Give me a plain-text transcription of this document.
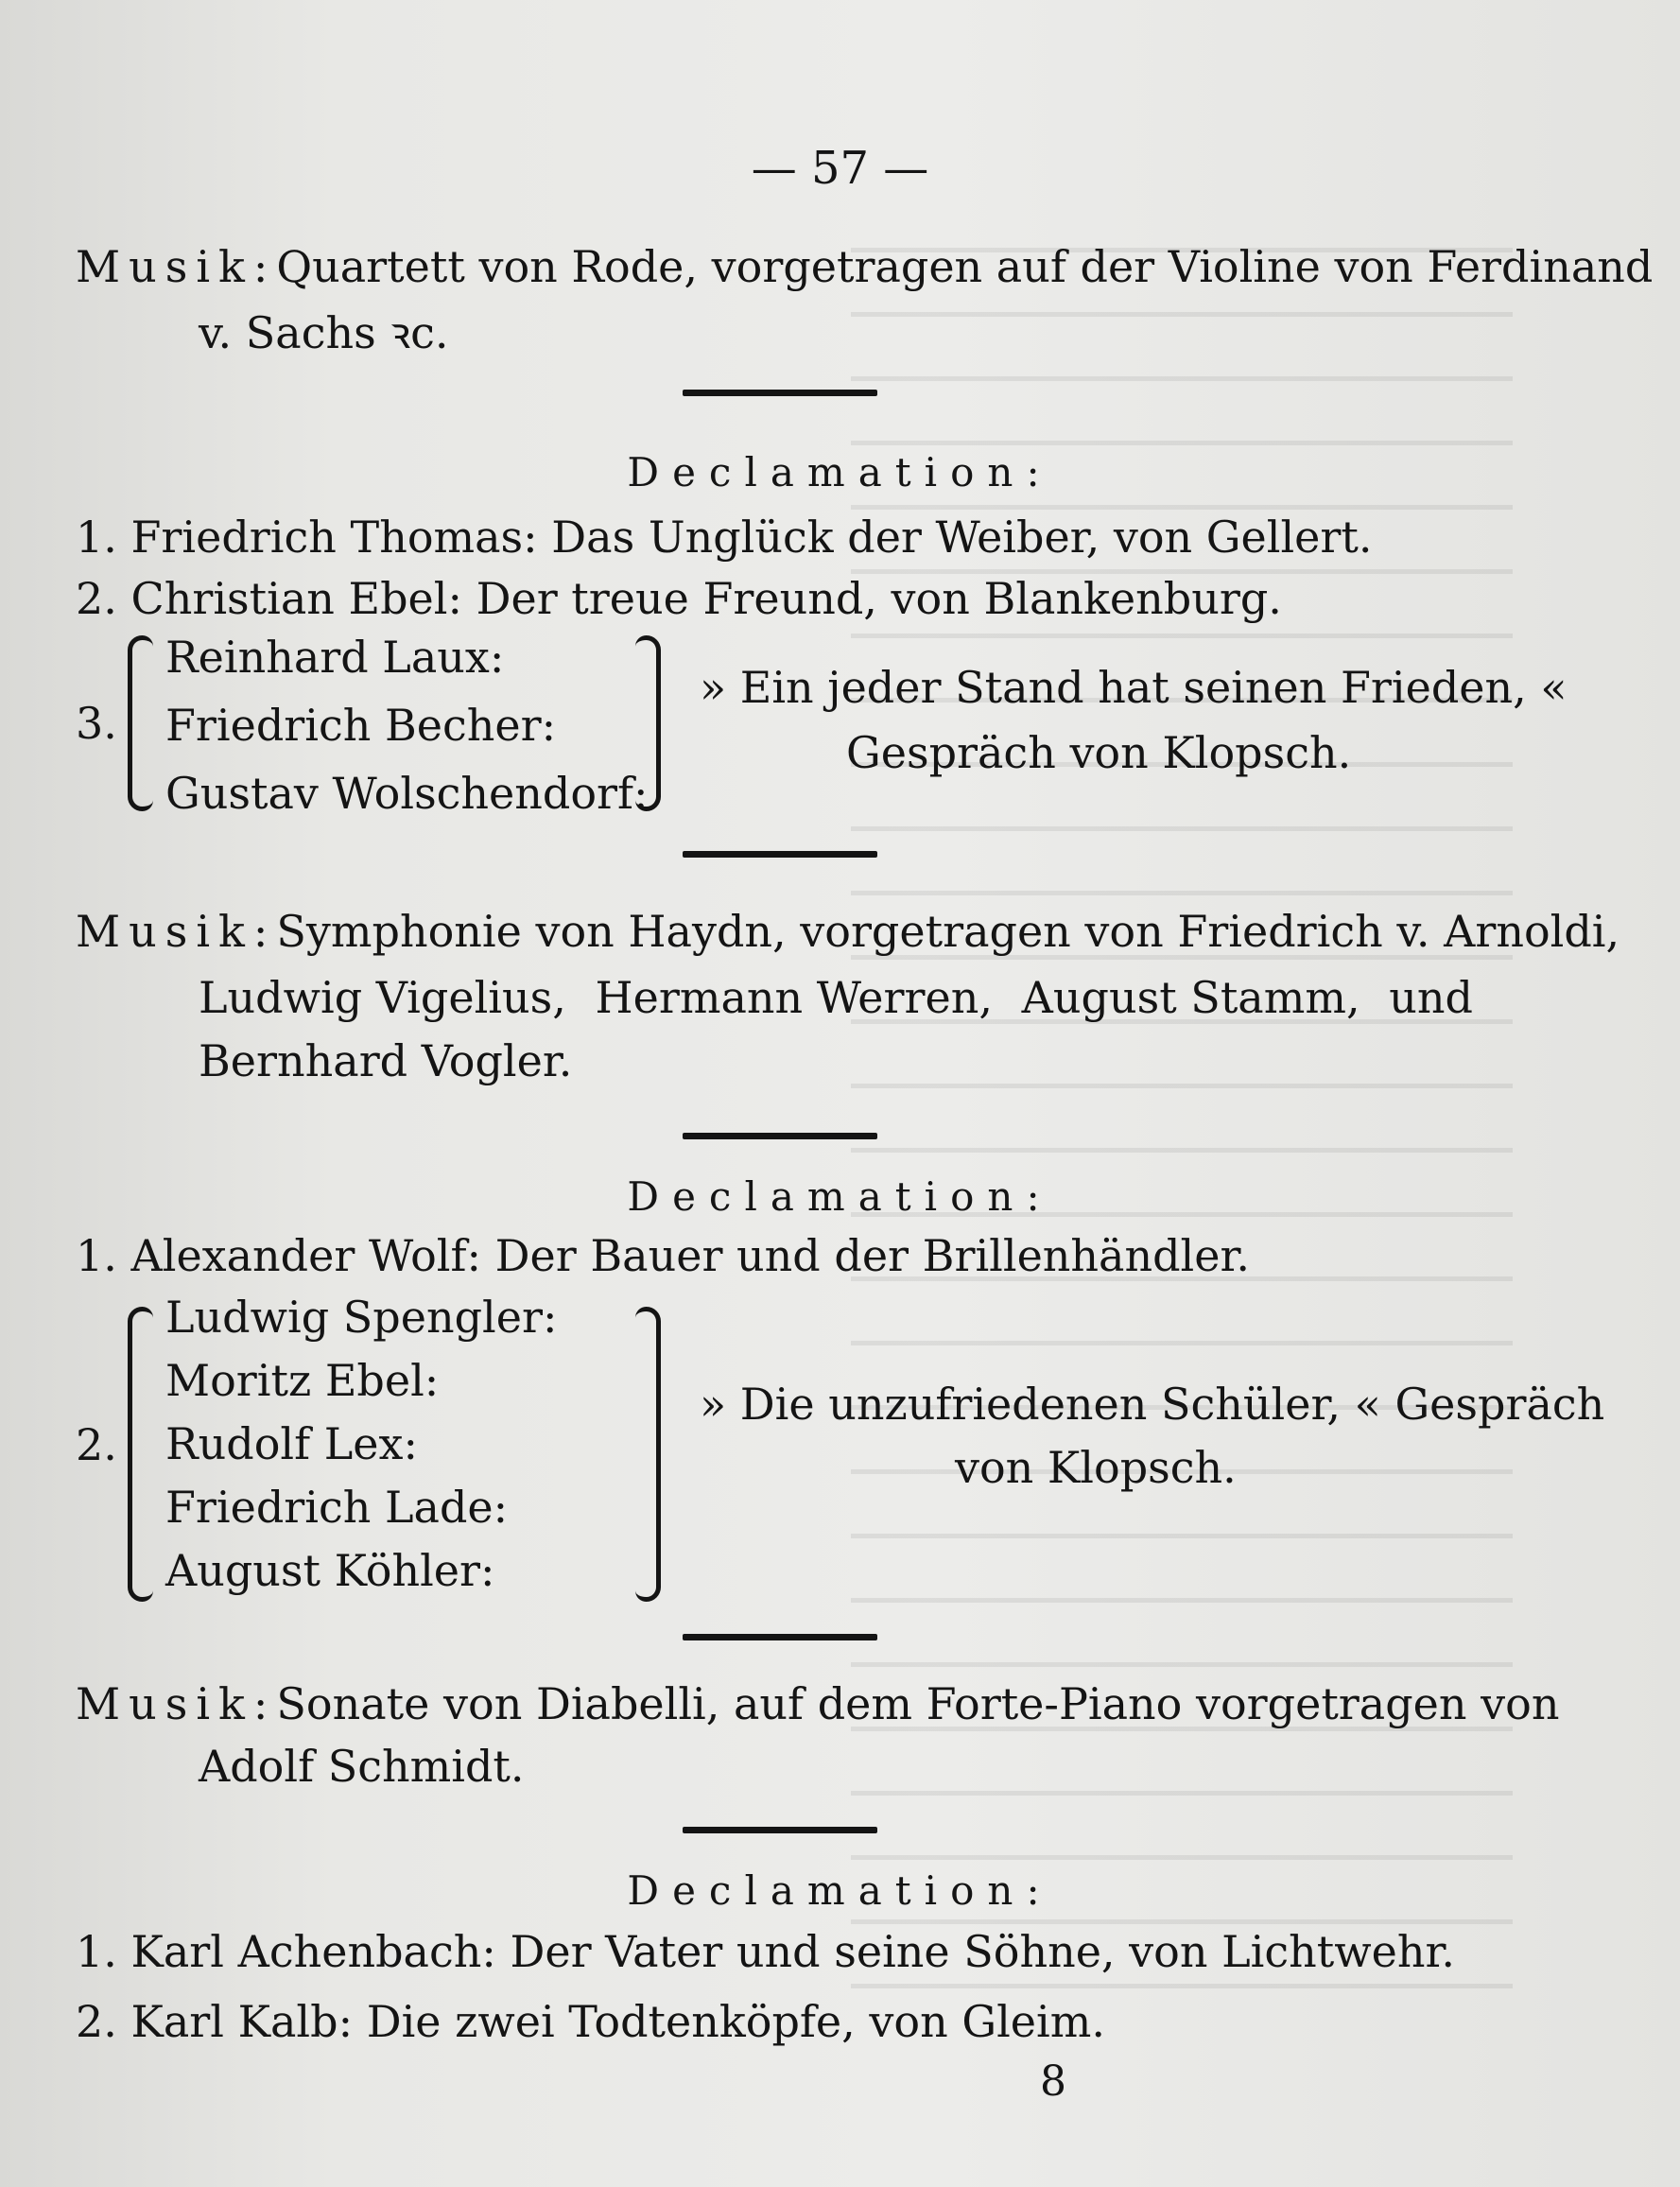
— 57 —
Musik: Quartett von Rode, vorgetragen auf der Violine von Ferdinand
v. Sachs ꝛc.
Declamation:
1. Friedrich Thomas: Das Unglück der Weiber, von Gellert.
2. Christian Ebel: Der treue Freund, von Blankenburg.
3.
Reinhard Laux:
Friedrich Becher:
Gustav Wolschendorf:
» Ein jeder Stand hat seinen Frieden, «
Gespräch von Klopsch.
Musik: Symphonie von Haydn, vorgetragen von Friedrich v. Arnoldi,
Ludwig Vigelius, Hermann Werren, August Stamm, und
Bernhard Vogler.
Declamation:
1. Alexander Wolf: Der Bauer und der Brillenhändler.
2.
Ludwig Spengler:
Moritz Ebel:
Rudolf Lex:
Friedrich Lade:
August Köhler:
» Die unzufriedenen Schüler, « Gespräch
von Klopsch.
Musik: Sonate von Diabelli, auf dem Forte-Piano vorgetragen von
Adolf Schmidt.
Declamation:
1. Karl Achenbach: Der Vater und seine Söhne, von Lichtwehr.
2. Karl Kalb: Die zwei Todtenköpfe, von Gleim.
8
